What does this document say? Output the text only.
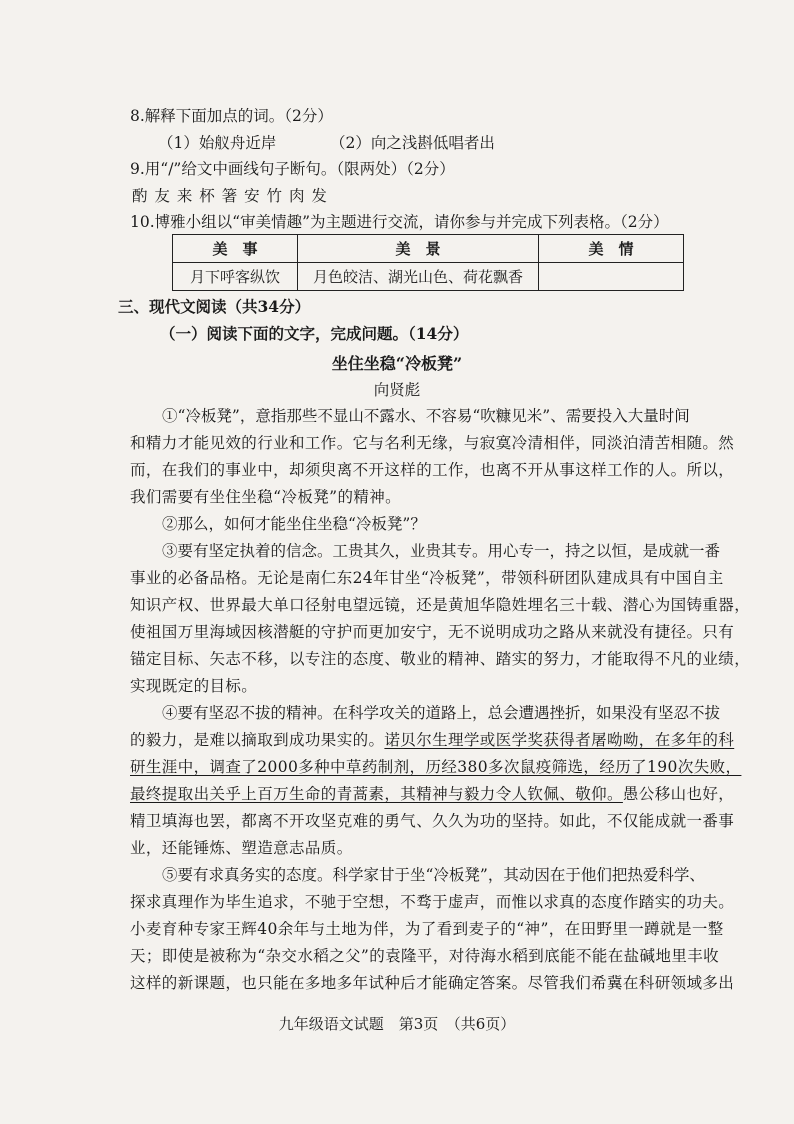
8.解释下面加点的词。（2分）
（1）始舣舟近岸	（2）向之浅斟低唱者出
9.用“/”给文中画线句子断句。（限两处）（2分）
酌 友 来 杯 箸 安 竹 肉 发
10.博雅小组以“审美情趣”为主题进行交流，请你参与并完成下列表格。（2分）
美　事	美　景	美　情
月下呼客纵饮	月色皎洁、湖光山色、荷花飘香	
三、现代文阅读（共34分）
（一）阅读下面的文字，完成问题。（14分）
坐住坐稳“冷板凳”
向贤彪
①“冷板凳”，意指那些不显山不露水、不容易“吹糠见米”、需要投入大量时间
和精力才能见效的行业和工作。它与名利无缘，与寂寞冷清相伴，同淡泊清苦相随。然
而，在我们的事业中，却须臾离不开这样的工作，也离不开从事这样工作的人。所以，
我们需要有坐住坐稳“冷板凳”的精神。
②那么，如何才能坐住坐稳“冷板凳”？
③要有坚定执着的信念。工贵其久，业贵其专。用心专一，持之以恒，是成就一番
事业的必备品格。无论是南仁东24年甘坐“冷板凳”，带领科研团队建成具有中国自主
知识产权、世界最大单口径射电望远镜，还是黄旭华隐姓埋名三十载、潜心为国铸重器，
使祖国万里海域因核潜艇的守护而更加安宁，无不说明成功之路从来就没有捷径。只有
锚定目标、矢志不移，以专注的态度、敬业的精神、踏实的努力，才能取得不凡的业绩，
实现既定的目标。
④要有坚忍不拔的精神。在科学攻关的道路上，总会遭遇挫折，如果没有坚忍不拔
的毅力，是难以摘取到成功果实的。诺贝尔生理学或医学奖获得者屠呦呦，在多年的科
研生涯中，调查了2000多种中草药制剂，历经380多次鼠疫筛选，经历了190次失败，
最终提取出关乎上百万生命的青蒿素，其精神与毅力令人钦佩、敬仰。愚公移山也好，
精卫填海也罢，都离不开攻坚克难的勇气、久久为功的坚持。如此，不仅能成就一番事
业，还能锤炼、塑造意志品质。
⑤要有求真务实的态度。科学家甘于坐“冷板凳”，其动因在于他们把热爱科学、
探求真理作为毕生追求，不驰于空想，不骛于虚声，而惟以求真的态度作踏实的功夫。
小麦育种专家王辉40余年与土地为伴，为了看到麦子的“神”，在田野里一蹲就是一整
天；即使是被称为“杂交水稻之父”的袁隆平，对待海水稻到底能不能在盐碱地里丰收
这样的新课题，也只能在多地多年试种后才能确定答案。尽管我们希冀在科研领域多出
九年级语文试题　第3页　（共6页）
